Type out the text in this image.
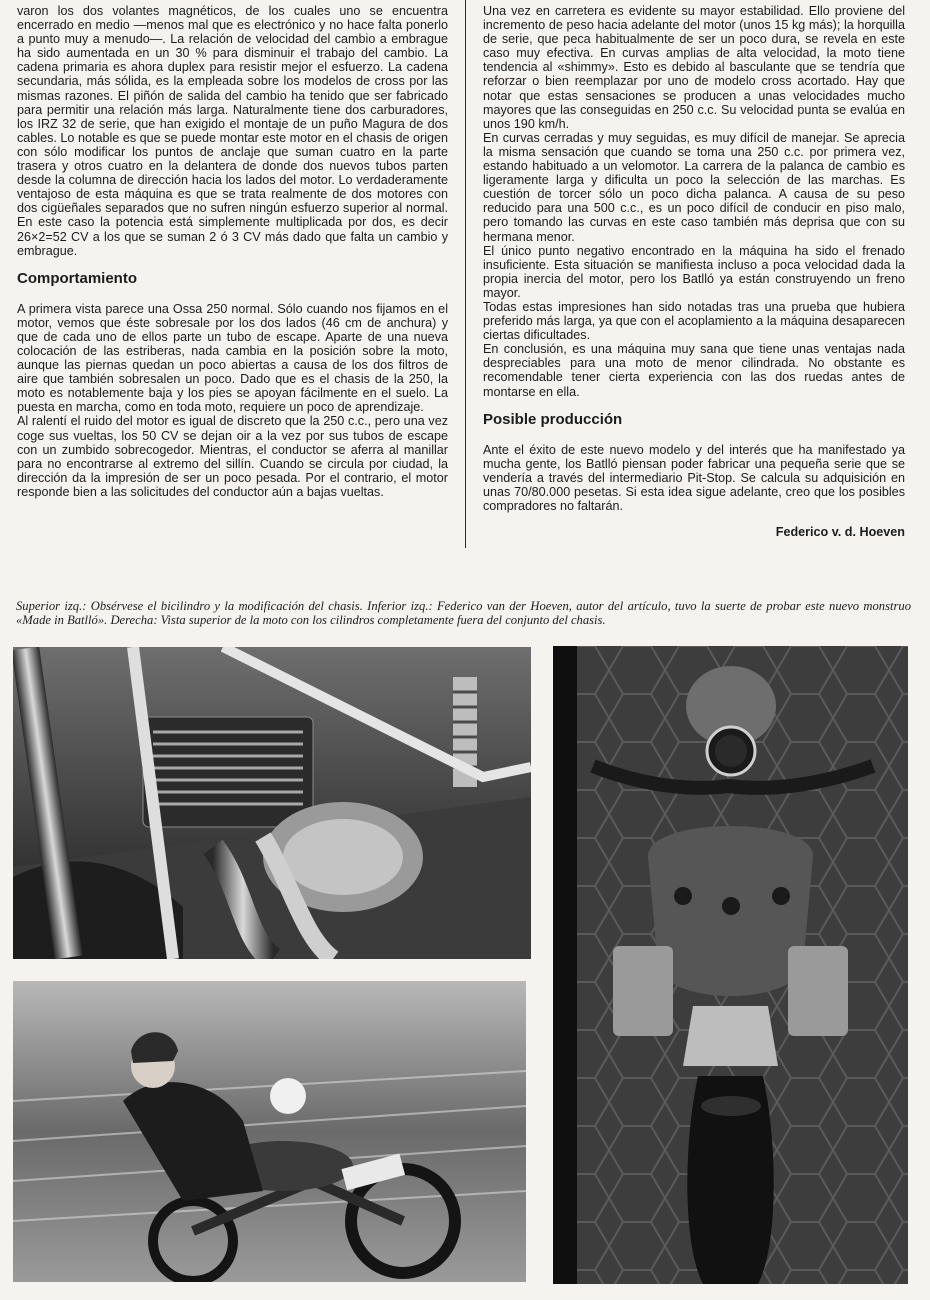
varon los dos volantes magnéticos, de los cuales uno se encuentra encerrado en medio —menos mal que es electrónico y no hace falta ponerlo a punto muy a menudo—. La relación de velocidad del cambio a embrague ha sido aumentada en un 30 % para disminuir el trabajo del cambio. La cadena primaria es ahora duplex para resistir mejor el esfuerzo. La cadena secundaria, más sólida, es la empleada sobre los modelos de cross por las mismas razones. El piñón de salida del cambio ha tenido que ser fabricado para permitir una relación más larga. Naturalmente tiene dos carburadores, los IRZ 32 de serie, que han exigido el montaje de un puño Magura de dos cables. Lo notable es que se puede montar este motor en el chasis de origen con sólo modificar los puntos de anclaje que suman cuatro en la parte trasera y otros cuatro en la delantera de donde dos nuevos tubos parten desde la columna de dirección hacia los lados del motor. Lo verdaderamente ventajoso de esta máquina es que se trata realmente de dos motores con dos cigüeñales separados que no sufren ningún esfuerzo superior al normal. En este caso la potencia está simplemente multiplicada por dos, es decir 26×2=52 CV a los que se suman 2 ó 3 CV más dado que falta un cambio y embrague.

Comportamiento

A primera vista parece una Ossa 250 normal. Sólo cuando nos fijamos en el motor, vemos que éste sobresale por los dos lados (46 cm de anchura) y que de cada uno de ellos parte un tubo de escape. Aparte de una nueva colocación de las estriberas, nada cambia en la posición sobre la moto, aunque las piernas quedan un poco abiertas a causa de los dos filtros de aire que también sobresalen un poco. Dado que es el chasis de la 250, la moto es notablemente baja y los pies se apoyan fácilmente en el suelo. La puesta en marcha, como en toda moto, requiere un poco de aprendizaje.

Al ralentí el ruido del motor es igual de discreto que la 250 c.c., pero una vez coge sus vueltas, los 50 CV se dejan oir a la vez por sus tubos de escape con un zumbido sobrecogedor. Mientras, el conductor se aferra al manillar para no encontrarse al extremo del sillín. Cuando se circula por ciudad, la dirección da la impresión de ser un poco pesada. Por el contrario, el motor responde bien a las solicitudes del conductor aún a bajas vueltas.

Una vez en carretera es evidente su mayor estabilidad. Ello proviene del incremento de peso hacia adelante del motor (unos 15 kg más); la horquilla de serie, que peca habitualmente de ser un poco dura, se revela en este caso muy efectiva. En curvas amplias de alta velocidad, la moto tiene tendencia al «shimmy». Esto es debido al basculante que se tendría que reforzar o bien reemplazar por uno de modelo cross acortado. Hay que notar que estas sensaciones se producen a unas velocidades mucho mayores que las conseguidas en 250 c.c. Su velocidad punta se evalúa en unos 190 km/h.

En curvas cerradas y muy seguidas, es muy difícil de manejar. Se aprecia la misma sensación que cuando se toma una 250 c.c. por primera vez, estando habituado a un velomotor. La carrera de la palanca de cambio es ligeramente larga y dificulta un poco la selección de las marchas. Es cuestión de torcer sólo un poco dicha palanca. A causa de su peso reducido para una 500 c.c., es un poco difícil de conducir en piso malo, pero tomando las curvas en este caso también más deprisa que con su hermana menor.

El único punto negativo encontrado en la máquina ha sido el frenado insuficiente. Esta situación se manifiesta incluso a poca velocidad dada la propia inercia del motor, pero los Batlló ya están construyendo un freno mayor.

Todas estas impresiones han sido notadas tras una prueba que hubiera preferido más larga, ya que con el acoplamiento a la máquina desaparecen ciertas dificultades.

En conclusión, es una máquina muy sana que tiene unas ventajas nada despreciables para una moto de menor cilindrada. No obstante es recomendable tener cierta experiencia con las dos ruedas antes de montarse en ella.

Posible producción

Ante el éxito de este nuevo modelo y del interés que ha manifestado ya mucha gente, los Batlló piensan poder fabricar una pequeña serie que se vendería a través del intermediario Pit-Stop. Se calcula su adquisición en unas 70/80.000 pesetas. Si esta idea sigue adelante, creo que los posibles compradores no faltarán.

Federico v. d. Hoeven

Superior izq.: Obsérvese el bicilindro y la modificación del chasis. Inferior izq.: Federico van der Hoeven, autor del artículo, tuvo la suerte de probar este nuevo monstruo «Made in Batlló». Derecha: Vista superior de la moto con los cilindros completamente fuera del conjunto del chasis.
